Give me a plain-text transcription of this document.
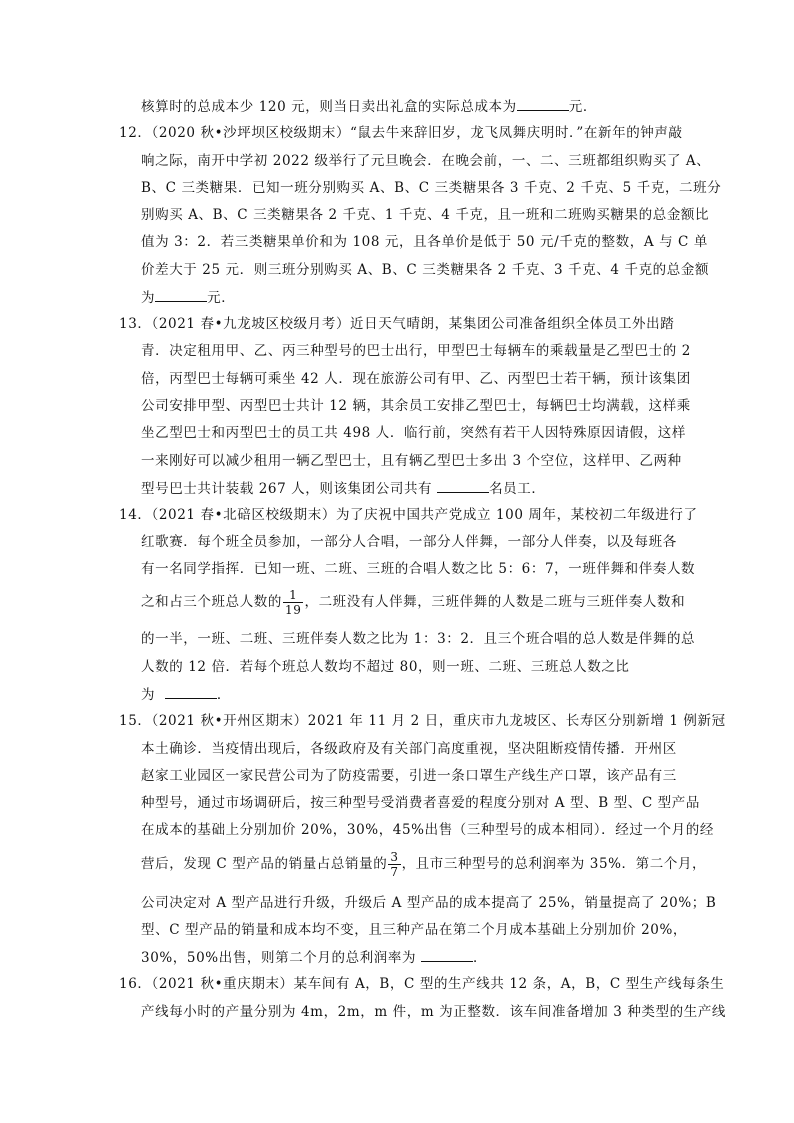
核算时的总成本少 120 元，则当日卖出礼盒的实际总成本为	元．
12．（2020 秋•沙坪坝区校级期末）“鼠去牛来辞旧岁，龙飞凤舞庆明时．”在新年的钟声敲
响之际，南开中学初 2022 级举行了元旦晚会．在晚会前，一、二、三班都组织购买了 A、
B、C 三类糖果．已知一班分别购买 A、B、C 三类糖果各 3 千克、2 千克、5 千克，二班分
别购买 A、B、C 三类糖果各 2 千克、1 千克、4 千克，且一班和二班购买糖果的总金额比
值为 3：2．若三类糖果单价和为 108 元，且各单价是低于 50 元/千克的整数，A 与 C 单
价差大于 25 元．则三班分别购买 A、B、C 三类糖果各 2 千克、3 千克、4 千克的总金额
为	元．
13．（2021 春•九龙坡区校级月考）近日天气晴朗，某集团公司准备组织全体员工外出踏
青．决定租用甲、乙、丙三种型号的巴士出行，甲型巴士每辆车的乘载量是乙型巴士的 2
倍，丙型巴士每辆可乘坐 42 人．现在旅游公司有甲、乙、丙型巴士若干辆，预计该集团
公司安排甲型、丙型巴士共计 12 辆，其余员工安排乙型巴士，每辆巴士均满载，这样乘
坐乙型巴士和丙型巴士的员工共 498 人．临行前，突然有若干人因特殊原因请假，这样
一来刚好可以减少租用一辆乙型巴士，且有辆乙型巴士多出 3 个空位，这样甲、乙两种
型号巴士共计装载 267 人，则该集团公司共有	名员工．
14．（2021 春•北碚区校级期末）为了庆祝中国共产党成立 100 周年，某校初二年级进行了
红歌赛．每个班全员参加，一部分人合唱，一部分人伴舞，一部分人伴奏，以及每班各
有一名同学指挥．已知一班、二班、三班的合唱人数之比 5：6：7，一班伴舞和伴奏人数
之和占三个班总人数的 $\frac{1}{19}$ ，二班没有人伴舞，三班伴舞的人数是二班与三班伴奏人数和
的一半，一班、二班、三班伴奏人数之比为 1：3：2．且三个班合唱的总人数是伴舞的总
人数的 12 倍．若每个班总人数均不超过 80，则一班、二班、三班总人数之比
为	．
15．（2021 秋•开州区期末）2021 年 11 月 2 日，重庆市九龙坡区、长寿区分别新增 1 例新冠
本土确诊．当疫情出现后，各级政府及有关部门高度重视，坚决阻断疫情传播．开州区
赵家工业园区一家民营公司为了防疫需要，引进一条口罩生产线生产口罩，该产品有三
种型号，通过市场调研后，按三种型号受消费者喜爱的程度分别对 A 型、B 型、C 型产品
在成本的基础上分别加价 20%，30%，45%出售（三种型号的成本相同）．经过一个月的经
营后，发现 C 型产品的销量占总销量的 $\frac{3}{7}$ ，且市三种型号的总利润率为 35%．第二个月，
公司决定对 A 型产品进行升级，升级后 A 型产品的成本提高了 25%，销量提高了 20%；B
型、C 型产品的销量和成本均不变，且三种产品在第二个月成本基础上分别加价 20%，
30%，50%出售，则第二个月的总利润率为	．
16．（2021 秋•重庆期末）某车间有 A，B，C 型的生产线共 12 条，A，B，C 型生产线每条生
产线每小时的产量分别为 4m，2m，m 件，m 为正整数．该车间准备增加 3 种类型的生产线
